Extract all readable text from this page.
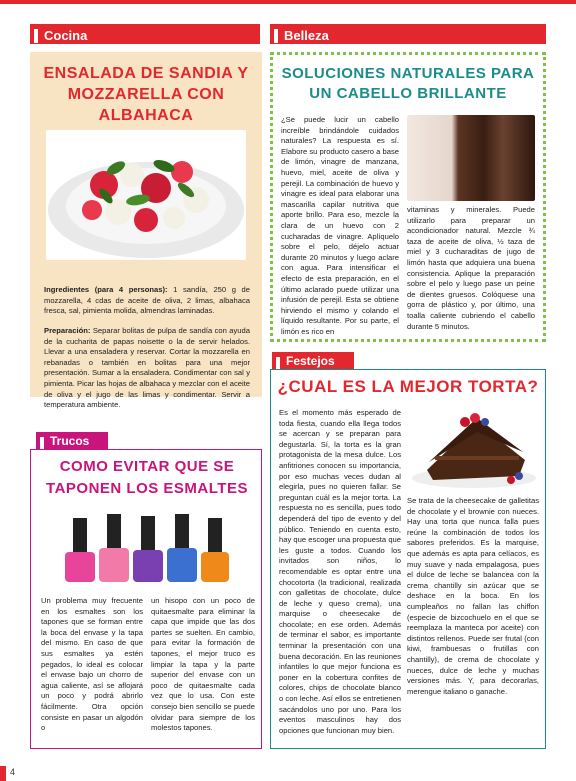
Cocina	Belleza
ENSALADA DE SANDIA Y MOZZARELLA CON ALBAHACA
Ingredientes (para 4 personas): 1 sandía, 250 g de mozzarella, 4 cdas de aceite de oliva, 2 limas, albahaca fresca, sal, pimienta molida, almendras laminadas.
Preparación: Separar bolitas de pulpa de sandía con ayuda de la cucharita de papas noisette o la de servir helados. Llevar a una ensaladera y reservar. Cortar la mozzarella en rebanadas o también en bolitas para una mejor presentación. Sumar a la ensaladera. Condimentar con sal y pimienta. Picar las hojas de albahaca y mezclar con el aceite de oliva y el jugo de las limas y condimentar. Servir a temperatura ambiente.
SOLUCIONES NATURALES PARA UN CABELLO BRILLANTE
¿Se puede lucir un cabello increíble brindándole cuidados naturales? La respuesta es sí. Elabore su producto casero a base de limón, vinagre de manzana, huevo, miel, aceite de oliva y perejil. La combinación de huevo y vinagre es ideal para elaborar una mascarilla capilar nutritiva que aporte brillo. Para eso, mezcle la clara de un huevo con 2 cucharadas de vinagre. Aplíquelo sobre el pelo, déjelo actuar durante 20 minutos y luego aclare con agua. Para intensificar el efecto de esta preparación, en el último aclarado puede utilizar una infusión de perejil. Esta se obtiene hirviendo el mismo y colando el líquido resultante. Por su parte, el limón es rico en
vitaminas y minerales. Puede utilizarlo para preparar un acondicionador natural. Mezcle ¾ taza de aceite de oliva, ½ taza de miel y 3 cucharaditas de jugo de limón hasta que adquiera una buena consistencia. Aplique la preparación sobre el pelo y luego pase un peine de dientes gruesos. Colóquese una gorra de plástico y, por último, una toalla caliente cubriendo el cabello durante 5 minutos.
Trucos
COMO EVITAR QUE SE TAPONEN LOS ESMALTES
Un problema muy frecuente en los esmaltes son los tapones que se forman entre la boca del envase y la tapa del mismo. En caso de que sus esmaltes ya estén pegados, lo ideal es colocar el envase bajo un chorro de agua caliente, así se aflojará un poco y podrá abrirlo fácilmente. Otra opción consiste en pasar un algodón o
un hisopo con un poco de quitaesmalte para eliminar la capa que impide que las dos partes se suelten. En cambio, para evitar la formación de tapones, el mejor truco es limpiar la tapa y la parte superior del envase con un poco de quitaesmalte cada vez que lo usa. Con este consejo bien sencillo se puede olvidar para siempre de los molestos tapones.
Festejos
¿CUAL ES LA MEJOR TORTA?
Es el momento más esperado de toda fiesta, cuando ella llega todos se acercan y se preparan para degustarla. Sí, la torta es la gran protagonista de la mesa dulce. Los anfitriones conocen su importancia, por eso muchas veces dudan al elegirla, pues no quieren fallar. Se preguntan cuál es la mejor torta. La respuesta no es sencilla, pues todo dependerá del tipo de evento y del público. Teniendo en cuenta esto, hay que escoger una propuesta que les guste a todos. Cuando los invitados son niños, lo recomendable es optar entre una chocotorta (la tradicional, realizada con galletitas de chocolate, dulce de leche y queso crema), una marquise o cheesecake de chocolate; en ese orden. Además de terminar el sabor, es importante terminar la presentación con una buena decoración. En las reuniones infantiles lo que mejor funciona es poner en la cobertura confites de colores, chips de chocolate blanco o con leche. Así ellos se entretienen sacándolos uno por uno. Para los eventos masculinos hay dos opciones que funcionan muy bien.
Se trata de la cheesecake de galletitas de chocolate y el brownie con nueces. Hay una torta que nunca falla pues reúne la combinación de todos los sabores preferidos. Es la marquise, que además es apta para celíacos, es muy suave y nada empalagosa, pues el dulce de leche se balancea con la crema chantilly sin azúcar que se deshace en la boca. En los cumpleaños no fallan las chiffon (especie de bizcochuelo en el que se reemplaza la manteca por aceite) con distintos rellenos. Puede ser frutal (con kiwi, frambuesas o frutillas con chantilly), de crema de chocolate y nueces, dulce de leche y muchas versiones más. Y, para decorarlas, merengue italiano o ganache.
4
